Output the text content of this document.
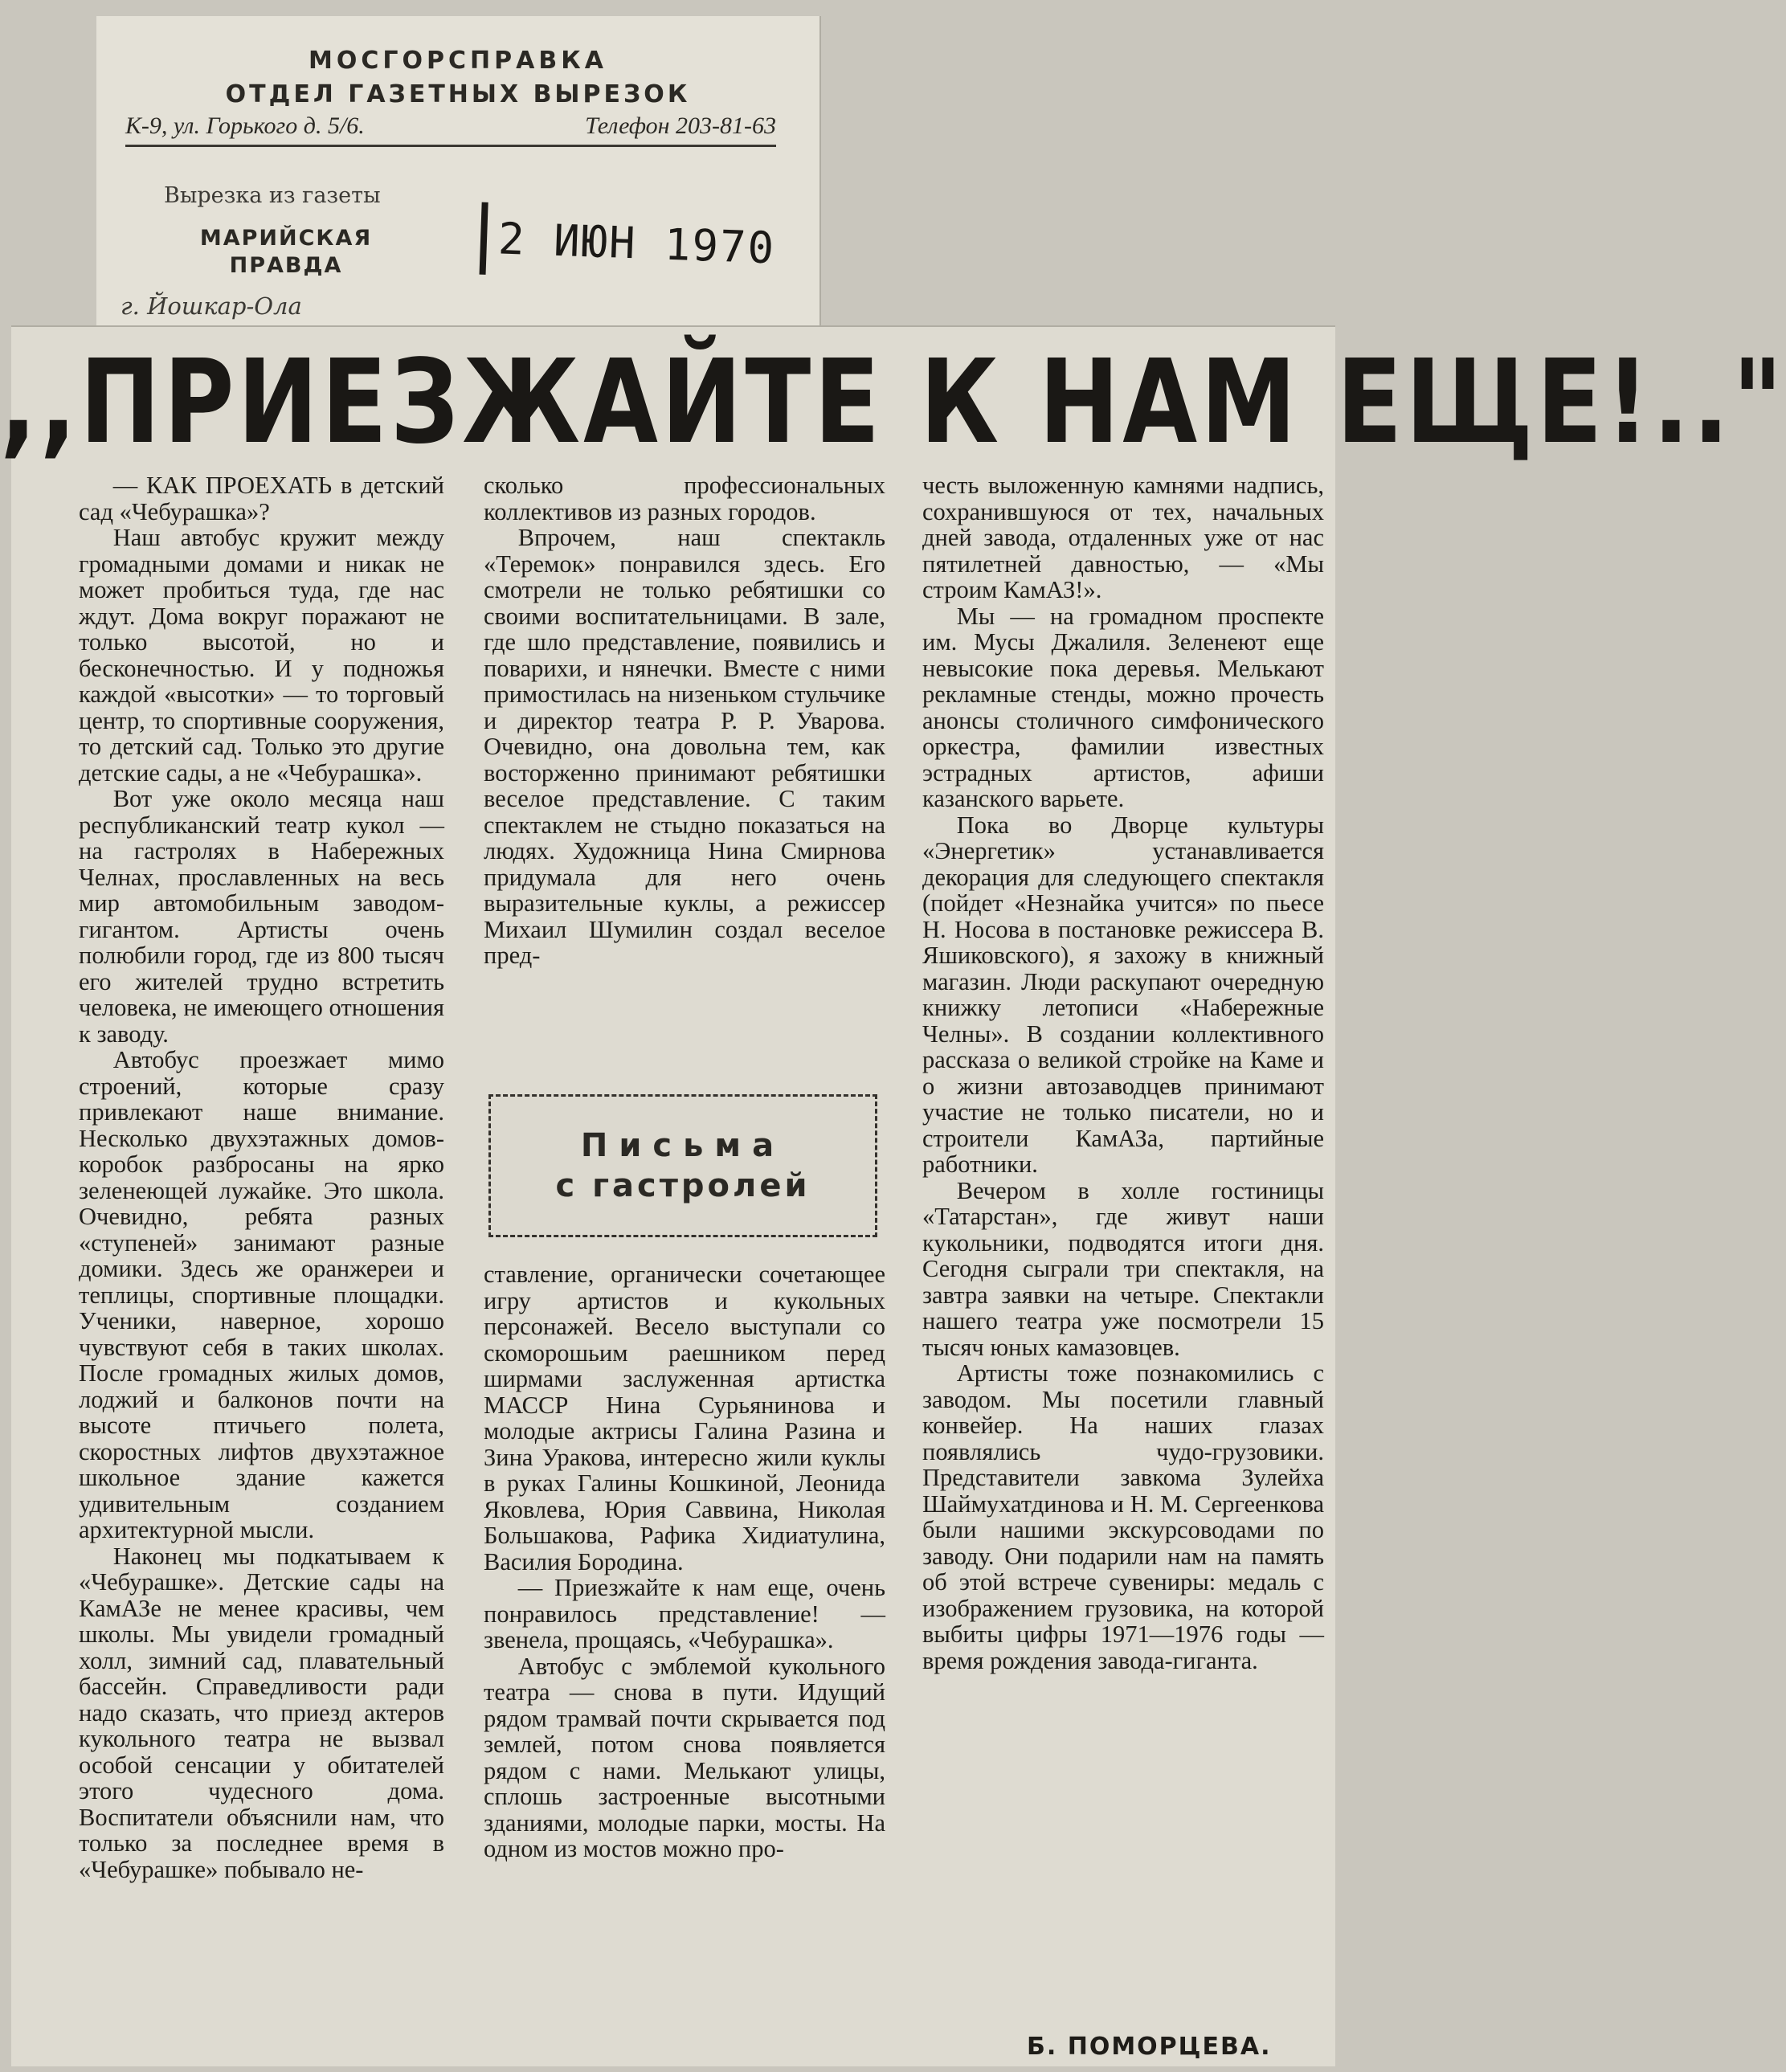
МОСГОРСПРАВКА
ОТДЕЛ ГАЗЕТНЫХ ВЫРЕЗОК
К-9, ул. Горького д. 5/6.	Телефон 203-81-63
Вырезка из газеты
МАРИЙСКАЯ
ПРАВДА
г. Йошкар-Ола
2 ИЮН 1970
,,ПРИЕЗЖАЙТЕ К НАМ ЕЩЕ!.."

— КАК ПРОЕХАТЬ в детский сад «Чебурашка»?

Наш автобус кружит между громадными домами и никак не может пробиться туда, где нас ждут. Дома вокруг поражают не только высотой, но и бесконечностью. И у подножья каждой «высотки» — то торговый центр, то спортивные сооружения, то детский сад. Только это другие детские сады, а не «Чебурашка».

Вот уже около месяца наш республиканский театр кукол — на гастролях в Набережных Челнах, прославленных на весь мир автомобильным заводом-гигантом. Артисты очень полюбили город, где из 800 тысяч его жителей трудно встретить человека, не имеющего отношения к заводу.

Автобус проезжает мимо строений, которые сразу привлекают наше внимание. Несколько двухэтажных домов-коробок разбросаны на ярко зеленеющей лужайке. Это школа. Очевидно, ребята разных «ступеней» занимают разные домики. Здесь же оранжереи и теплицы, спортивные площадки. Ученики, наверное, хорошо чувствуют себя в таких школах. После громадных жилых домов, лоджий и балконов почти на высоте птичьего полета, скоростных лифтов двухэтажное школьное здание кажется удивительным созданием архитектурной мысли.

Наконец мы подкатываем к «Чебурашке». Детские сады на КамАЗе не менее красивы, чем школы. Мы увидели громадный холл, зимний сад, плавательный бассейн. Справедливости ради надо сказать, что приезд актеров кукольного театра не вызвал особой сенсации у обитателей этого чудесного дома. Воспитатели объяснили нам, что только за последнее время в «Чебурашке» побывало не-

сколько профессиональных коллективов из разных городов.

Впрочем, наш спектакль «Теремок» понравился здесь. Его смотрели не только ребятишки со своими воспитательницами. В зале, где шло представление, появились и поварихи, и нянечки. Вместе с ними примостилась на низеньком стульчике и директор театра Р. Р. Уварова. Очевидно, она довольна тем, как восторженно принимают ребятишки веселое представление. С таким спектаклем не стыдно показаться на людях. Художница Нина Смирнова придумала для него очень выразительные куклы, а режиссер Михаил Шумилин создал веселое пред-

ставление, органически сочетающее игру артистов и кукольных персонажей. Весело выступали со скоморошьим раешником перед ширмами заслуженная артистка МАССР Нина Сурьянинова и молодые актрисы Галина Разина и Зина Уракова, интересно жили куклы в руках Галины Кошкиной, Леонида Яковлева, Юрия Саввина, Николая Большакова, Рафика Хидиатулина, Василия Бородина.

— Приезжайте к нам еще, очень понравилось представление! — звенела, прощаясь, «Чебурашка».

Автобус с эмблемой кукольного театра — снова в пути. Идущий рядом трамвай почти скрывается под землей, потом снова появляется рядом с нами. Мелькают улицы, сплошь застроенные высотными зданиями, молодые парки, мосты. На одном из мостов можно про-

Письма
с гастролей

честь выложенную камнями надпись, сохранившуюся от тех, начальных дней завода, отдаленных уже от нас пятилетней давностью, — «Мы строим КамАЗ!».

Мы — на громадном проспекте им. Мусы Джалиля. Зеленеют еще невысокие пока деревья. Мелькают рекламные стенды, можно прочесть анонсы столичного симфонического оркестра, фамилии известных эстрадных артистов, афиши казанского варьете.

Пока во Дворце культуры «Энергетик» устанавливается декорация для следующего спектакля (пойдет «Незнайка учится» по пьесе Н. Носова в постановке режиссера В. Яшиковского), я захожу в книжный магазин. Люди раскупают очередную книжку летописи «Набережные Челны». В создании коллективного рассказа о великой стройке на Каме и о жизни автозаводцев принимают участие не только писатели, но и строители КамАЗа, партийные работники.

Вечером в холле гостиницы «Татарстан», где живут наши кукольники, подводятся итоги дня. Сегодня сыграли три спектакля, на завтра заявки на четыре. Спектакли нашего театра уже посмотрели 15 тысяч юных камазовцев.

Артисты тоже познакомились с заводом. Мы посетили главный конвейер. На наших глазах появлялись чудо-грузовики. Представители завкома Зулейха Шаймухатдинова и Н. М. Сергеенкова были нашими экскурсоводами по заводу. Они подарили нам на память об этой встрече сувениры: медаль с изображением грузовика, на которой выбиты цифры 1971—1976 годы — время рождения завода-гиганта.

Б. ПОМОРЦЕВА.
